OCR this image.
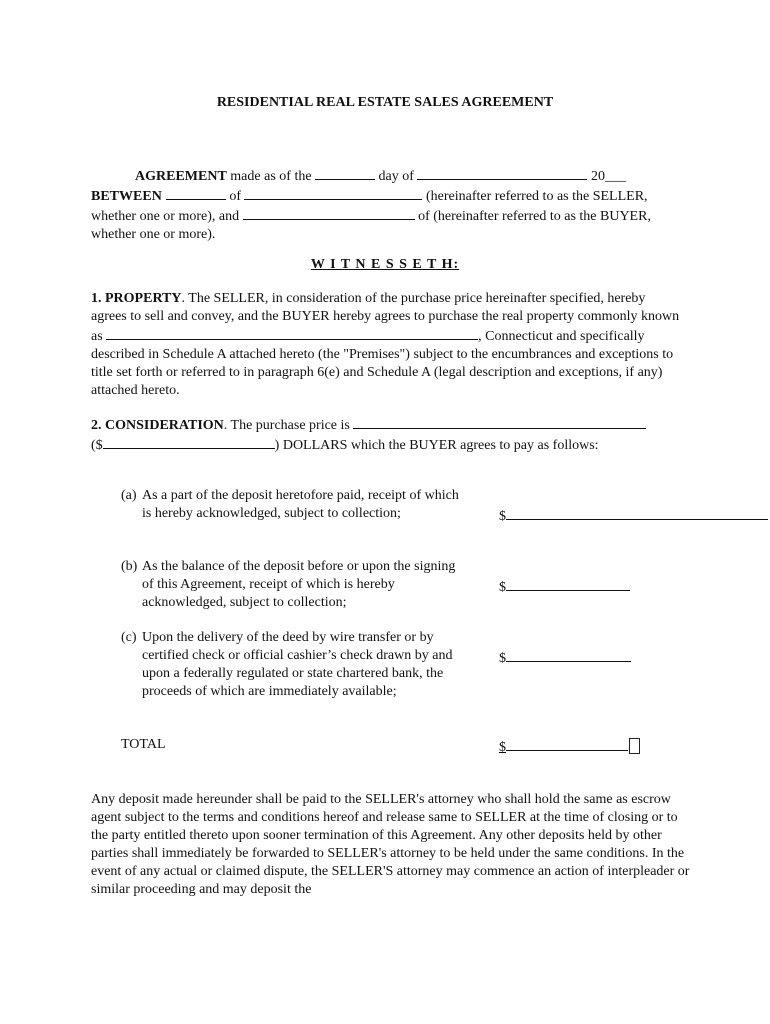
RESIDENTIAL REAL ESTATE SALES AGREEMENT
AGREEMENT made as of the	day of	20___
BETWEEN	of	(hereinafter referred to as the SELLER, whether one or more), and	of (hereinafter referred to as the BUYER, whether one or more).
W I T N E S S E T H:
1. PROPERTY. The SELLER, in consideration of the purchase price hereinafter specified, hereby agrees to sell and convey, and the BUYER hereby agrees to purchase the real property commonly known as	, Connecticut and specifically described in Schedule A attached hereto (the "Premises") subject to the encumbrances and exceptions to title set forth or referred to in paragraph 6(e) and Schedule A (legal description and exceptions, if any) attached hereto.
2. CONSIDERATION. The purchase price is
($	) DOLLARS which the BUYER agrees to pay as follows:
(a) As a part of the deposit heretofore paid, receipt of which is hereby acknowledged, subject to collection;	$
(b) As the balance of the deposit before or upon the signing of this Agreement, receipt of which is hereby acknowledged, subject to collection;
$
(c) Upon the delivery of the deed by wire transfer or by certified check or official cashier’s check drawn by and upon a federally regulated or state chartered bank, the proceeds of which are immediately available;
$
TOTAL	$
Any deposit made hereunder shall be paid to the SELLER's attorney who shall hold the same as escrow agent subject to the terms and conditions hereof and release same to SELLER at the time of closing or to the party entitled thereto upon sooner termination of this Agreement. Any other deposits held by other parties shall immediately be forwarded to SELLER's attorney to be held under the same conditions. In the event of any actual or claimed dispute, the SELLER'S attorney may commence an action of interpleader or similar proceeding and may deposit the
